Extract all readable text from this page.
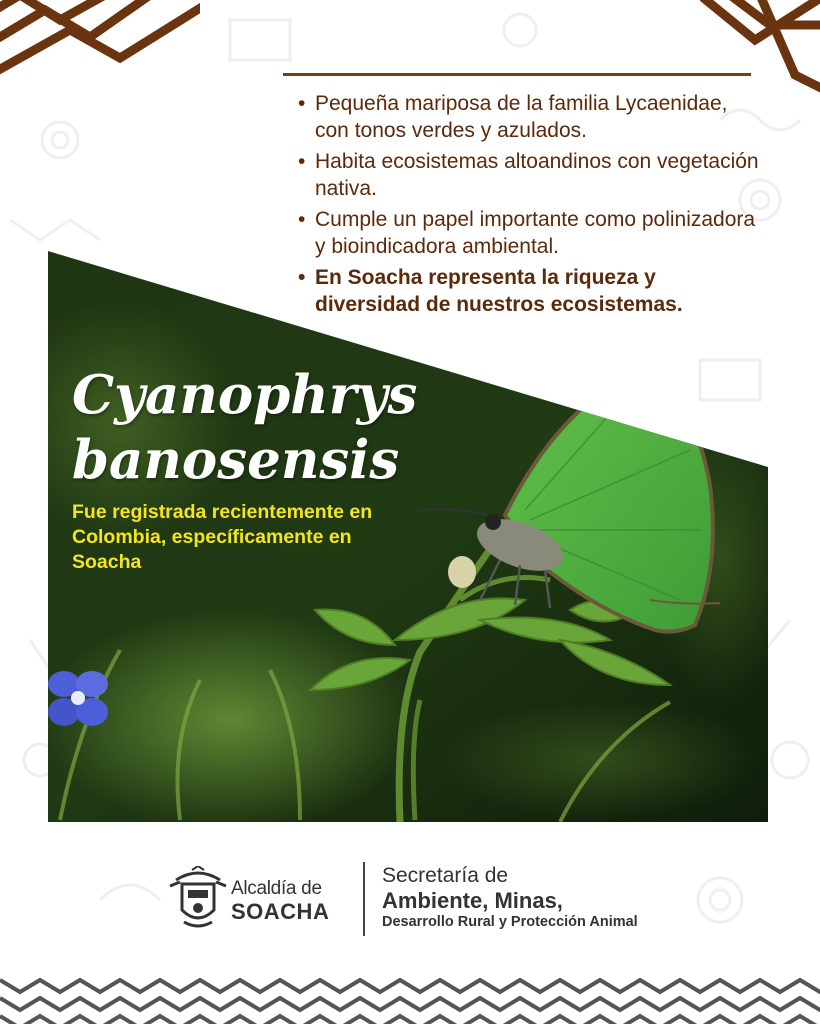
• Pequeña mariposa de la familia Lycaenidae, con tonos verdes y azulados.
• Habita ecosistemas altoandinos con vegetación nativa.
• Cumple un papel importante como polinizadora y bioindicadora ambiental.
• En Soacha representa la riqueza y diversidad de nuestros ecosistemas.
Cyanophrys banosensis

Fue registrada recientemente en Colombia, específicamente en Soacha

Alcaldía de
SOACHA
Secretaría de
Ambiente, Minas,
Desarrollo Rural y Protección Animal
